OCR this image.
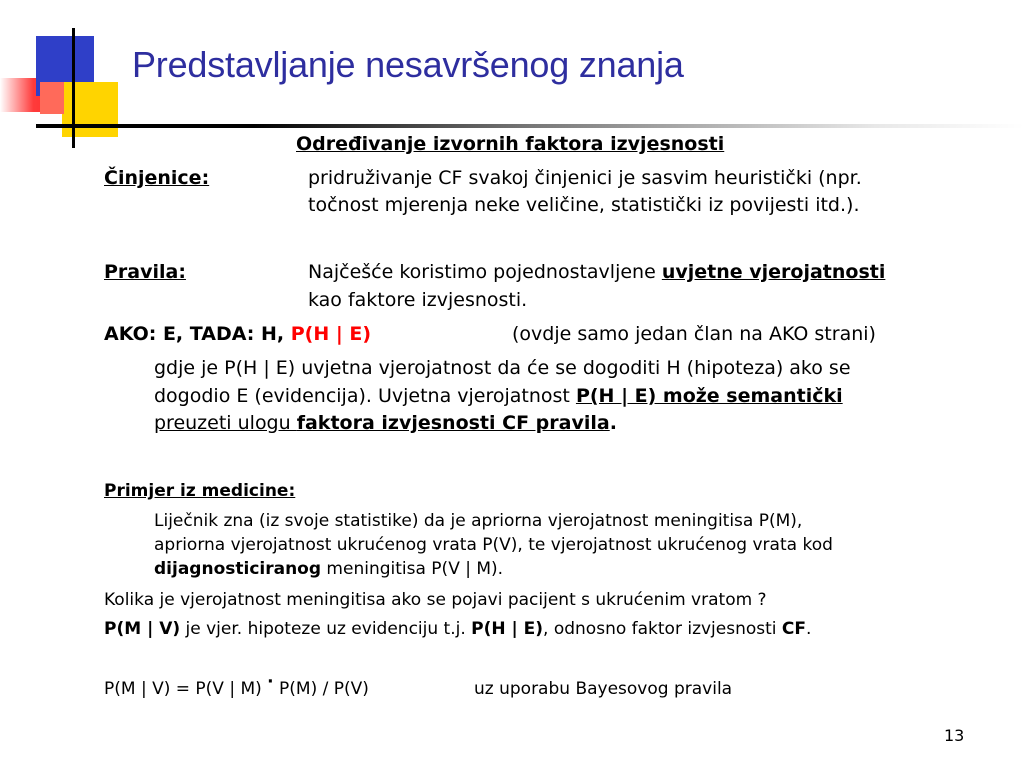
Predstavljanje nesavršenog znanja

Određivanje izvornih faktora izvjesnosti

Činjenice:	pridruživanje CF svakoj činjenici je sasvim heuristički (npr.

točnost mjerenja neke veličine, statistički iz povijesti itd.).

Pravila:	Najčešće koristimo pojednostavljene uvjetne vjerojatnosti

kao faktore izvjesnosti.

AKO: E, TADA: H, P(H | E)	(ovdje samo jedan član na AKO strani)

gdje je P(H | E) uvjetna vjerojatnost da će se dogoditi H (hipoteza) ako se

dogodio E (evidencija). Uvjetna vjerojatnost P(H | E) može semantički

preuzeti ulogu faktora izvjesnosti CF pravila.

Primjer iz medicine:

Liječnik zna (iz svoje statistike) da je apriorna vjerojatnost meningitisa P(M),

apriorna vjerojatnost ukrućenog vrata P(V), te vjerojatnost ukrućenog vrata kod

dijagnosticiranog meningitisa P(V | M).

Kolika je vjerojatnost meningitisa ako se pojavi pacijent s ukrućenim vratom ?

P(M | V) je vjer. hipoteze uz evidenciju t.j. P(H | E), odnosno faktor izvjesnosti CF.

P(M | V) = P(V | M) · P(M) / P(V)	uz uporabu Bayesovog pravila

13
